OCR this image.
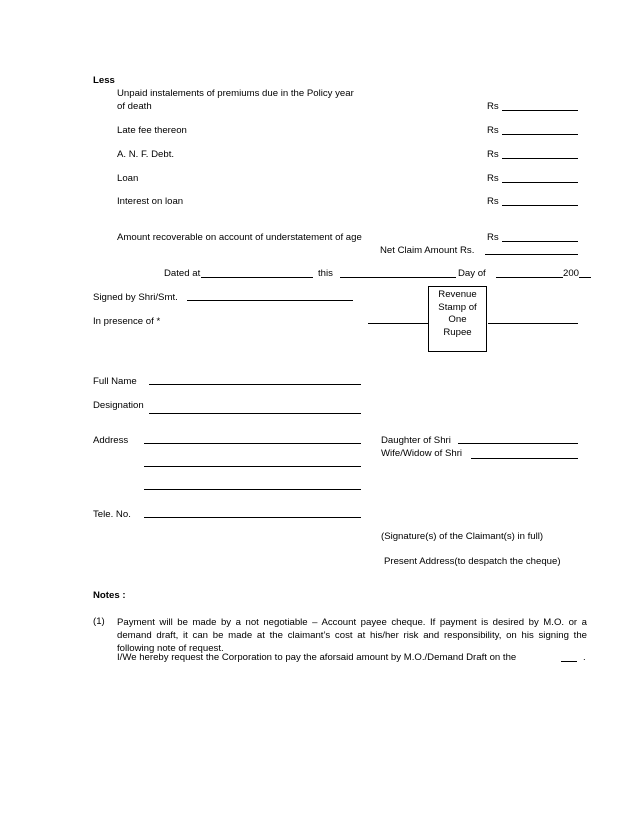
Less
Unpaid instalements of premiums due in the Policy year
of death	Rs
Late fee thereon	Rs
A. N. F. Debt.	Rs
Loan	Rs
Interest on loan	Rs
Amount recoverable on account of understatement of age	Rs
Net Claim Amount Rs.
Dated at	this	Day of	200
Signed by Shri/Smt.
In presence of *
Revenue
Stamp of
One
Rupee
Full Name
Designation
Address	Daughter of Shri
Wife/Widow of Shri
Tele. No.
(Signature(s) of the Claimant(s) in full)
Present Address(to despatch the cheque)
Notes :
(1) Payment will be made by a not negotiable – Account payee cheque. If payment is desired by M.O. or a demand draft, it can be made at the claimant’s cost at his/her risk and responsibility, on his signing the following note of request.
I/We hereby request the Corporation to pay the aforsaid amount by M.O./Demand Draft on the	.
